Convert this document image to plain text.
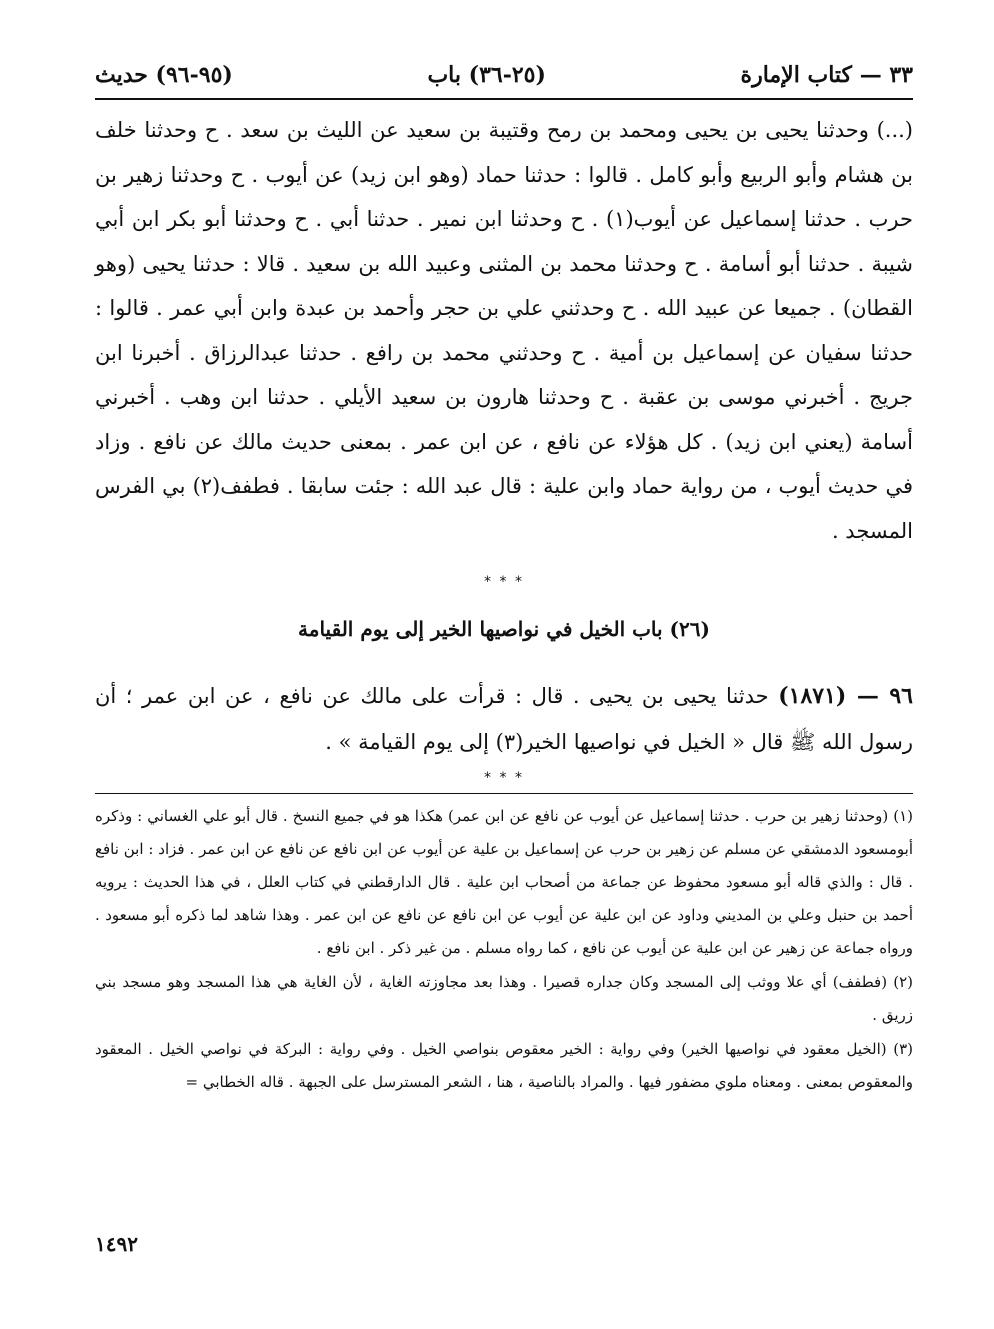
٣٣ — كتاب الإمارة
(٢٥-٣٦) باب
(٩٥-٩٦) حديث

(...) وحدثنا يحيى بن يحيى ومحمد بن رمح وقتيبة بن سعيد عن الليث بن سعد . ح وحدثنا خلف بن هشام وأبو الربيع وأبو كامل . قالوا : حدثنا حماد (وهو ابن زيد) عن أيوب . ح وحدثنا زهير بن حرب . حدثنا إسماعيل عن أيوب(١) . ح وحدثنا ابن نمير . حدثنا أبي . ح وحدثنا أبو بكر ابن أبي شيبة . حدثنا أبو أسامة . ح وحدثنا محمد بن المثنى وعبيد الله بن سعيد . قالا : حدثنا يحيى (وهو القطان) . جميعا عن عبيد الله . ح وحدثني علي بن حجر وأحمد بن عبدة وابن أبي عمر . قالوا : حدثنا سفيان عن إسماعيل بن أمية . ح وحدثني محمد بن رافع . حدثنا عبدالرزاق . أخبرنا ابن جريج . أخبرني موسى بن عقبة . ح وحدثنا هارون بن سعيد الأيلي . حدثنا ابن وهب . أخبرني أسامة (يعني ابن زيد) . كل هؤلاء عن نافع ، عن ابن عمر . بمعنى حديث مالك عن نافع . وزاد في حديث أيوب ، من رواية حماد وابن علية : قال عبد الله : جئت سابقا . فطفف(٢) بي الفرس المسجد .

* * *
(٢٦) باب الخيل في نواصيها الخير إلى يوم القيامة

٩٦ — (١٨٧١) حدثنا يحيى بن يحيى . قال : قرأت على مالك عن نافع ، عن ابن عمر ؛ أن رسول الله ﷺ قال « الخيل في نواصيها الخير(٣) إلى يوم القيامة » .

* * *

(١) (وحدثنا زهير بن حرب . حدثنا إسماعيل عن أيوب عن نافع عن ابن عمر) هكذا هو في جميع النسخ . قال أبو علي الغساني : وذكره أبومسعود الدمشقي عن مسلم عن زهير بن حرب عن إسماعيل بن علية عن أيوب عن ابن نافع عن نافع عن ابن عمر . فزاد : ابن نافع . قال : والذي قاله أبو مسعود محفوظ عن جماعة من أصحاب ابن علية . قال الدارقطني في كتاب العلل ، في هذا الحديث : يرويه أحمد بن حنبل وعلي بن المديني وداود عن ابن علية عن أيوب عن ابن نافع عن نافع عن ابن عمر . وهذا شاهد لما ذكره أبو مسعود . ورواه جماعة عن زهير عن ابن علية عن أيوب عن نافع ، كما رواه مسلم . من غير ذكر . ابن نافع .

(٢) (فطفف) أي علا ووثب إلى المسجد وكان جداره قصيرا . وهذا بعد مجاوزته الغاية ، لأن الغاية هي هذا المسجد وهو مسجد بني زريق .

(٣) (الخيل معقود في نواصيها الخير) وفي رواية : الخير معقوص بنواصي الخيل . وفي رواية : البركة في نواصي الخيل . المعقود والمعقوص بمعنى . ومعناه ملوي مضفور فيها . والمراد بالناصية ، هنا ، الشعر المسترسل على الجبهة . قاله الخطابي =

١٤٩٢
